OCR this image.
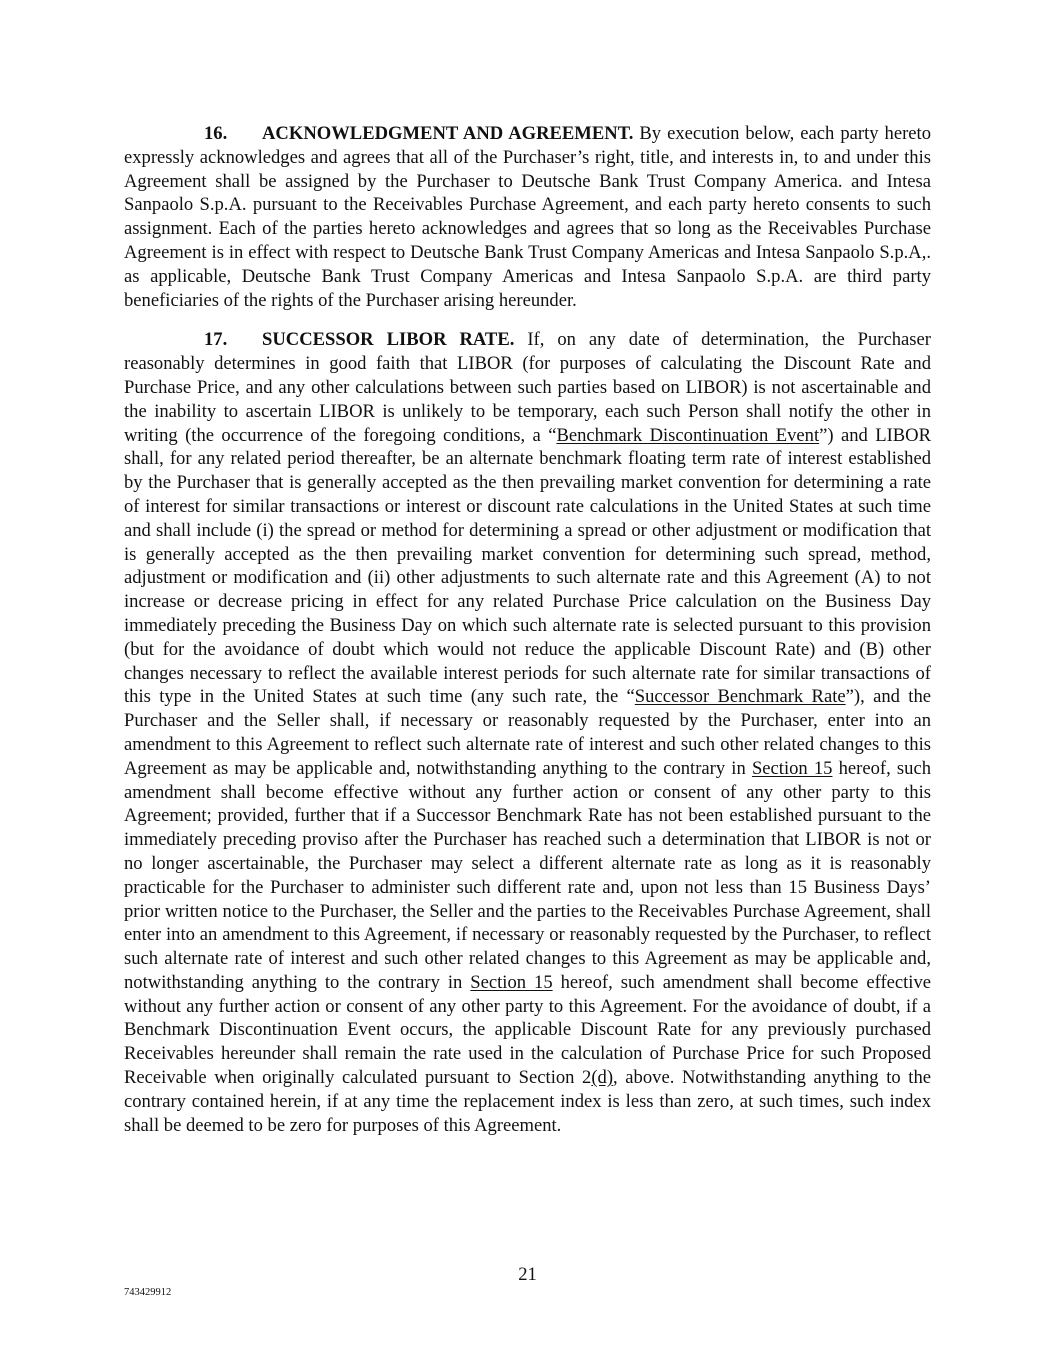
16. ACKNOWLEDGMENT AND AGREEMENT. By execution below, each party hereto expressly acknowledges and agrees that all of the Purchaser’s right, title, and interests in, to and under this Agreement shall be assigned by the Purchaser to Deutsche Bank Trust Company America. and Intesa Sanpaolo S.p.A. pursuant to the Receivables Purchase Agreement, and each party hereto consents to such assignment. Each of the parties hereto acknowledges and agrees that so long as the Receivables Purchase Agreement is in effect with respect to Deutsche Bank Trust Company Americas and Intesa Sanpaolo S.p.A,. as applicable, Deutsche Bank Trust Company Americas and Intesa Sanpaolo S.p.A. are third party beneficiaries of the rights of the Purchaser arising hereunder.

17. SUCCESSOR LIBOR RATE. If, on any date of determination, the Purchaser reasonably determines in good faith that LIBOR (for purposes of calculating the Discount Rate and Purchase Price, and any other calculations between such parties based on LIBOR) is not ascertainable and the inability to ascertain LIBOR is unlikely to be temporary, each such Person shall notify the other in writing (the occurrence of the foregoing conditions, a “Benchmark Discontinuation Event”) and LIBOR shall, for any related period thereafter, be an alternate benchmark floating term rate of interest established by the Purchaser that is generally accepted as the then prevailing market convention for determining a rate of interest for similar transactions or interest or discount rate calculations in the United States at such time and shall include (i) the spread or method for determining a spread or other adjustment or modification that is generally accepted as the then prevailing market convention for determining such spread, method, adjustment or modification and (ii) other adjustments to such alternate rate and this Agreement (A) to not increase or decrease pricing in effect for any related Purchase Price calculation on the Business Day immediately preceding the Business Day on which such alternate rate is selected pursuant to this provision (but for the avoidance of doubt which would not reduce the applicable Discount Rate) and (B) other changes necessary to reflect the available interest periods for such alternate rate for similar transactions of this type in the United States at such time (any such rate, the “Successor Benchmark Rate”), and the Purchaser and the Seller shall, if necessary or reasonably requested by the Purchaser, enter into an amendment to this Agreement to reflect such alternate rate of interest and such other related changes to this Agreement as may be applicable and, notwithstanding anything to the contrary in Section 15 hereof, such amendment shall become effective without any further action or consent of any other party to this Agreement; provided, further that if a Successor Benchmark Rate has not been established pursuant to the immediately preceding proviso after the Purchaser has reached such a determination that LIBOR is not or no longer ascertainable, the Purchaser may select a different alternate rate as long as it is reasonably practicable for the Purchaser to administer such different rate and, upon not less than 15 Business Days’ prior written notice to the Purchaser, the Seller and the parties to the Receivables Purchase Agreement, shall enter into an amendment to this Agreement, if necessary or reasonably requested by the Purchaser, to reflect such alternate rate of interest and such other related changes to this Agreement as may be applicable and, notwithstanding anything to the contrary in Section 15 hereof, such amendment shall become effective without any further action or consent of any other party to this Agreement. For the avoidance of doubt, if a Benchmark Discontinuation Event occurs, the applicable Discount Rate for any previously purchased Receivables hereunder shall remain the rate used in the calculation of Purchase Price for such Proposed Receivable when originally calculated pursuant to Section 2(d), above. Notwithstanding anything to the contrary contained herein, if at any time the replacement index is less than zero, at such times, such index shall be deemed to be zero for purposes of this Agreement.

21
743429912
